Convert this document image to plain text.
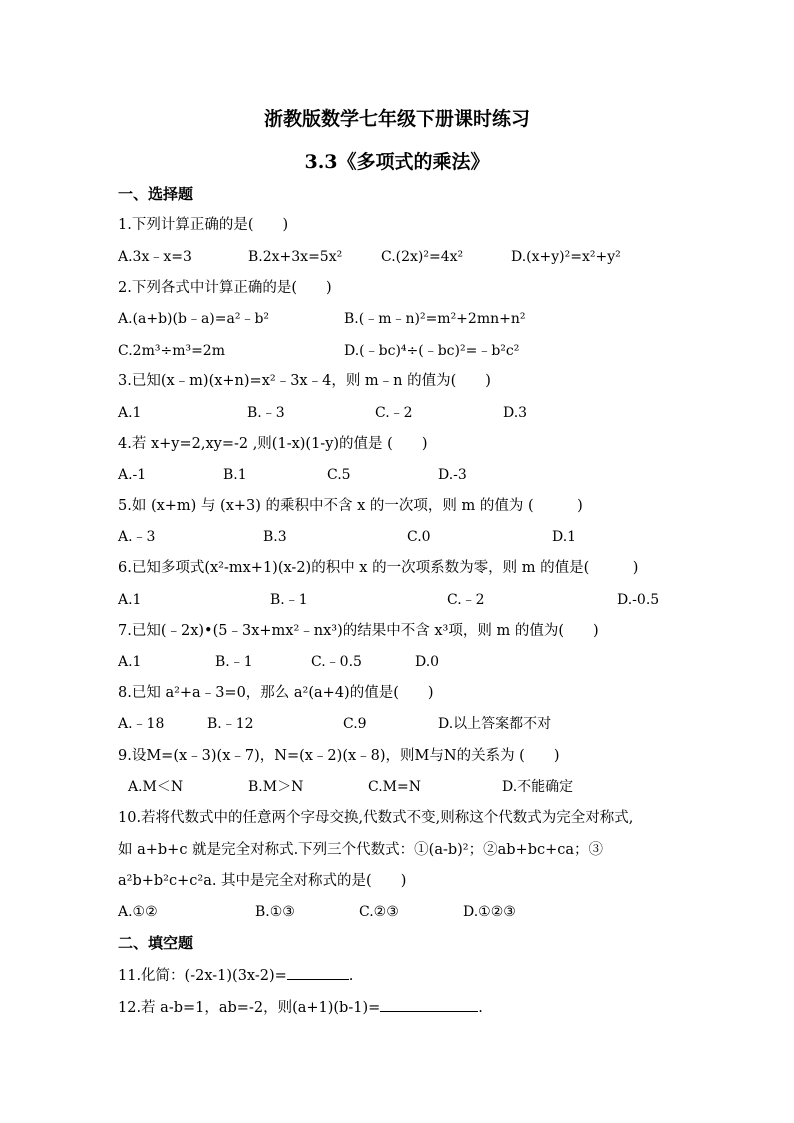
浙教版数学七年级下册课时练习
3.3《多项式的乘法》
一、选择题
1.下列计算正确的是(　　)
A.3x﹣x=3	B.2x+3x=5x²	C.(2x)²=4x²	D.(x+y)²=x²+y²
2.下列各式中计算正确的是(　　)
A.(a+b)(b﹣a)=a²﹣b²	B.(﹣m﹣n)²=m²+2mn+n²
C.2m³÷m³=2m	D.(﹣bc)⁴÷(﹣bc)²=﹣b²c²
3.已知(x﹣m)(x+n)=x²﹣3x﹣4，则 m﹣n 的值为(　　)
A.1	B.﹣3	C.﹣2	D.3
4.若 x+y=2,xy=-2 ,则(1-x)(1-y)的值是 (　　)
A.-1	B.1	C.5	D.-3
5.如 (x+m) 与 (x+3) 的乘积中不含 x 的一次项，则 m 的值为 (　　　)
A.﹣3	B.3	C.0	D.1
6.已知多项式(x²-mx+1)(x-2)的积中 x 的一次项系数为零，则 m 的值是(　　　)
A.1	B.﹣1	C.﹣2	D.-0.5
7.已知(﹣2x)•(5﹣3x+mx²﹣nx³)的结果中不含 x³项，则 m 的值为(　　)
A.1	B.﹣1	C.﹣0.5	D.0
8.已知 a²+a﹣3=0，那么 a²(a+4)的值是(　　)
A.﹣18	B.﹣12	C.9	D.以上答案都不对
9.设M=(x﹣3)(x﹣7)，N=(x﹣2)(x﹣8)，则M与N的关系为 (　　)
A.M＜N	B.M＞N	C.M=N	D.不能确定
10.若将代数式中的任意两个字母交换,代数式不变,则称这个代数式为完全对称式,
如 a+b+c 就是完全对称式.下列三个代数式：①(a-b)²；②ab+bc+ca；③
a²b+b²c+c²a. 其中是完全对称式的是(　　)
A.①②	B.①③	C.②③	D.①②③
二、填空题
11.化简：(-2x-1)(3x-2)=	.
12.若 a-b=1，ab=-2，则(a+1)(b-1)=	.
